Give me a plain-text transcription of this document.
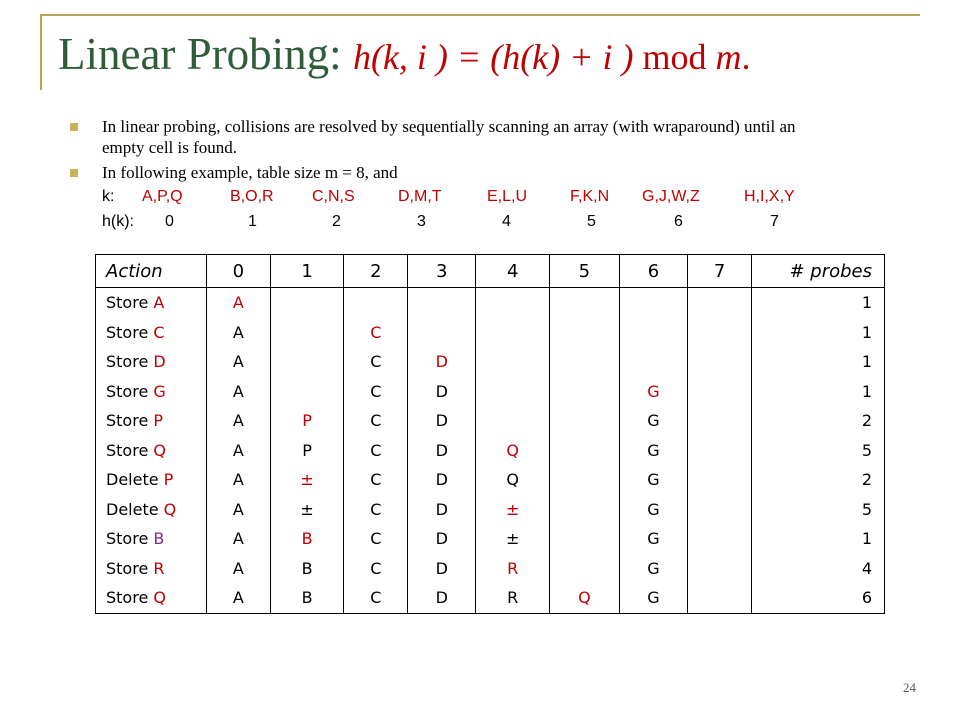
Linear Probing: h(k, i ) = (h(k) + i ) mod m.
In linear probing, collisions are resolved by sequentially scanning an array (with wraparound) until an empty cell is found.
In following example, table size m = 8, and
k: A,P,Q	B,O,R C,N,S	D,M,T	E,L,U	F,K,N G,J,W,Z	H,I,X,Y
h(k): 0	1	2	3	4	5	6	7
Action	0	1	2	3	4	5	6	7	# probes
Store A	A								1
Store C	A		C						1
Store D	A		C	D					1
Store G	A		C	D			G		1
Store P	A	P	C	D			G		2
Store Q	A	P	C	D	Q		G		5
Delete P	A	±	C	D	Q		G		2
Delete Q	A	±	C	D	±		G		5
Store B	A	B	C	D	±		G		1
Store R	A	B	C	D	R		G		4
Store Q	A	B	C	D	R	Q	G		6
24
